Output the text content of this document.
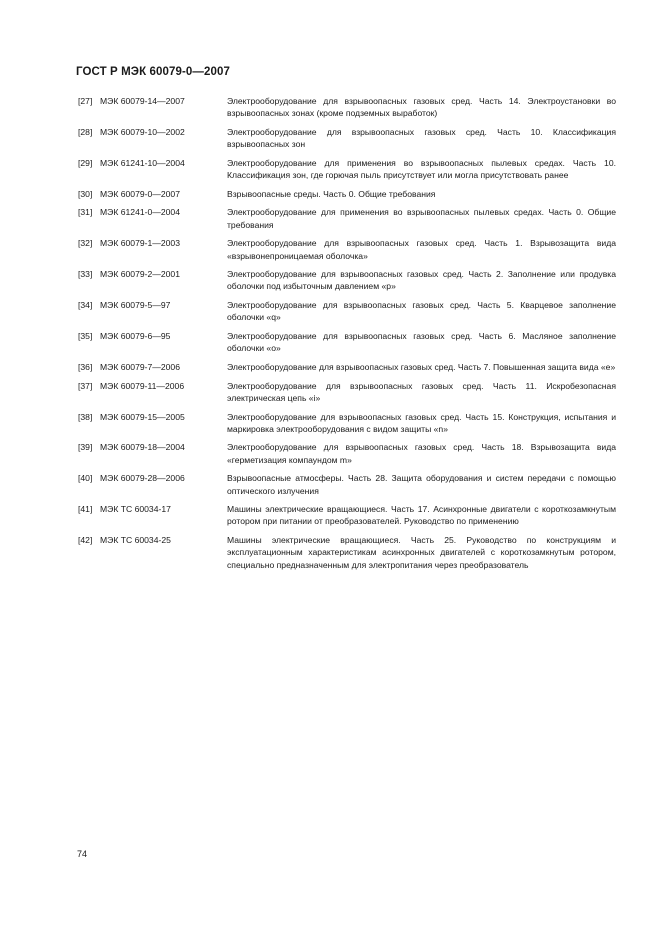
ГОСТ Р МЭК 60079-0—2007
[27] МЭК 60079-14—2007	Электрооборудование для взрывоопасных газовых сред. Часть 14. Электроустановки во взрывоопасных зонах (кроме подземных выработок)
[28] МЭК 60079-10—2002	Электрооборудование для взрывоопасных газовых сред. Часть 10. Классификация взрывоопасных зон
[29] МЭК 61241-10—2004	Электрооборудование для применения во взрывоопасных пылевых средах. Часть 10. Классификация зон, где горючая пыль присутствует или могла присутствовать ранее
[30] МЭК 60079-0—2007	Взрывоопасные среды. Часть 0. Общие требования
[31] МЭК 61241-0—2004	Электрооборудование для применения во взрывоопасных пылевых средах. Часть 0. Общие требования
[32] МЭК 60079-1—2003	Электрооборудование для взрывоопасных газовых сред. Часть 1. Взрывозащита вида «взрывонепроницаемая оболочка»
[33] МЭК 60079-2—2001	Электрооборудование для взрывоопасных газовых сред. Часть 2. Заполнение или продувка оболочки под избыточным давлением «р»
[34] МЭК 60079-5—97	Электрооборудование для взрывоопасных газовых сред. Часть 5. Кварцевое заполнение оболочки «q»
[35] МЭК 60079-6—95	Электрооборудование для взрывоопасных газовых сред. Часть 6. Масляное заполнение оболочки «о»
[36] МЭК 60079-7—2006	Электрооборудование для взрывоопасных газовых сред. Часть 7. Повышенная защита вида «е»
[37] МЭК 60079-11—2006	Электрооборудование для взрывоопасных газовых сред. Часть 11. Искробезопасная электрическая цепь «i»
[38] МЭК 60079-15—2005	Электрооборудование для взрывоопасных газовых сред. Часть 15. Конструкция, испытания и маркировка электрооборудования с видом защиты «n»
[39] МЭК 60079-18—2004	Электрооборудование для взрывоопасных газовых сред. Часть 18. Взрывозащита вида «герметизация компаундом m»
[40] МЭК 60079-28—2006	Взрывоопасные атмосферы. Часть 28. Защита оборудования и систем передачи с помощью оптического излучения
[41] МЭК ТС 60034-17	Машины электрические вращающиеся. Часть 17. Асинхронные двигатели с короткозамкнутым ротором при питании от преобразователей. Руководство по применению
[42] МЭК ТС 60034-25	Машины электрические вращающиеся. Часть 25. Руководство по конструкциям и эксплуатационным характеристикам асинхронных двигателей с короткозамкнутым ротором, специально предназначенным для электропитания через преобразователь
74
